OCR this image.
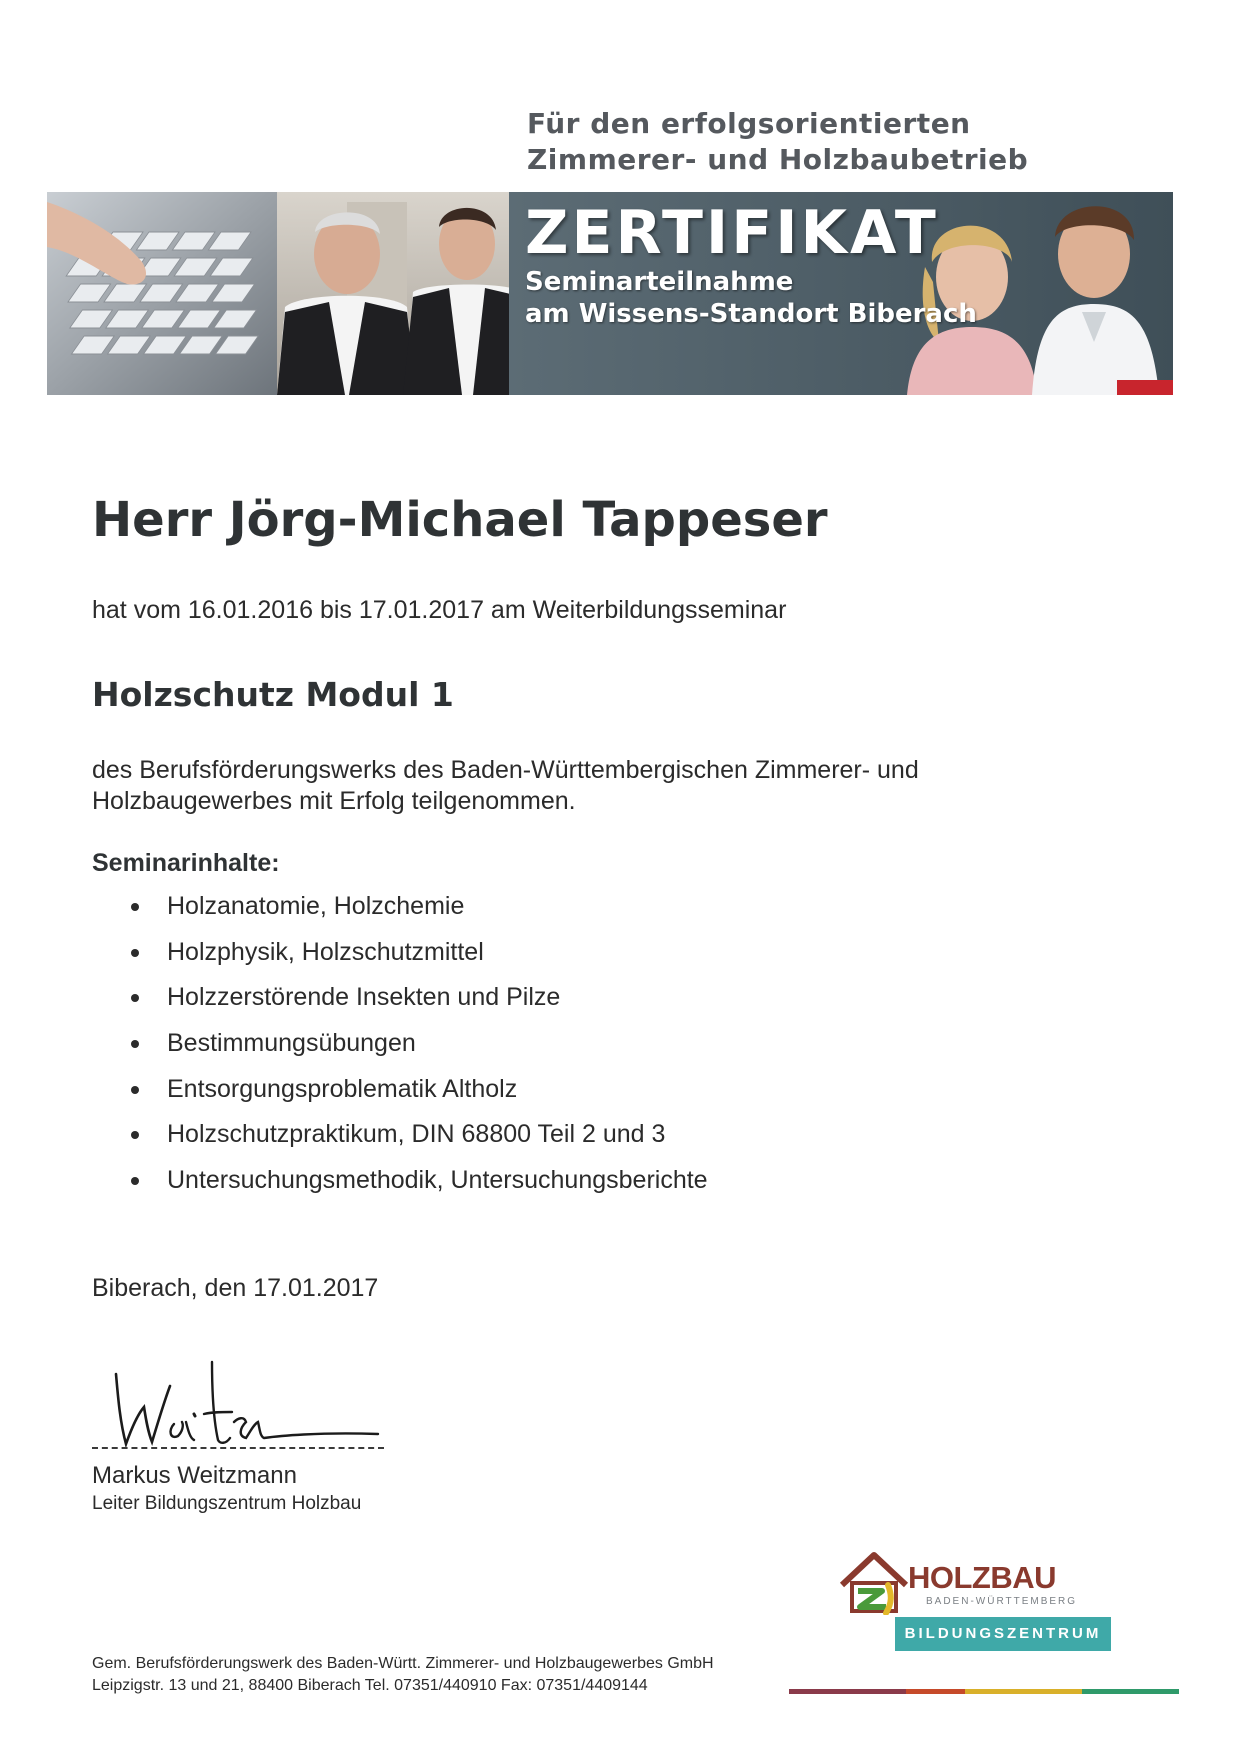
Für den erfolgsorientierten
Zimmerer- und Holzbaubetrieb
ZERTIFIKAT
Seminarteilnahme
am Wissens-Standort Biberach
Herr Jörg-Michael Tappeser
hat vom 16.01.2016 bis 17.01.2017 am Weiterbildungsseminar
Holzschutz Modul 1
des Berufsförderungswerks des Baden-Württembergischen Zimmerer- und
Holzbaugewerbes mit Erfolg teilgenommen.
Seminarinhalte:
Holzanatomie, Holzchemie
Holzphysik, Holzschutzmittel
Holzzerstörende Insekten und Pilze
Bestimmungsübungen
Entsorgungsproblematik Altholz
Holzschutzpraktikum, DIN 68800 Teil 2 und 3
Untersuchungsmethodik, Untersuchungsberichte
Biberach, den 17.01.2017
Markus Weitzmann
Leiter Bildungszentrum Holzbau
Gem. Berufsförderungswerk des Baden-Württ. Zimmerer- und Holzbaugewerbes GmbH
Leipzigstr. 13 und 21, 88400 Biberach Tel. 07351/440910 Fax: 07351/4409144
HOLZBAU
BADEN-WÜRTTEMBERG
BILDUNGSZENTRUM
